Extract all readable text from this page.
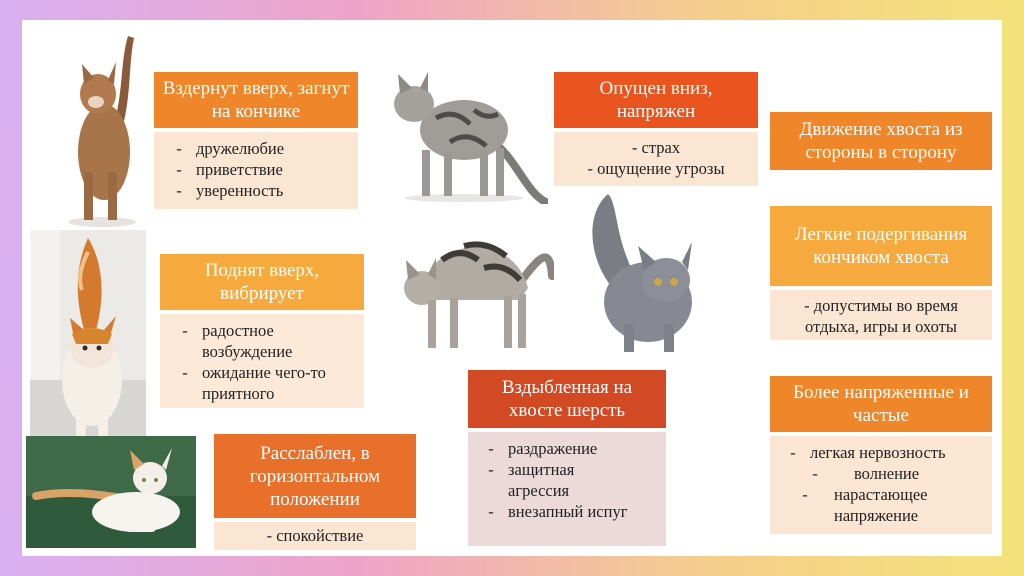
Вздернут вверх, загнут на кончике
- дружелюбие
- приветствие
- уверенность
Поднят вверх, вибрирует
- радостное возбуждение
- ожидание чего-то приятного
Расслаблен, в горизонтальном положении
- спокойствие
Опущен вниз, напряжен
- страх
- ощущение угрозы
Вздыбленная на хвосте шерсть
- раздражение
- защитная агрессия
- внезапный испуг
Движение хвоста из стороны в сторону
Легкие подергивания кончиком хвоста
- допустимы во время отдыха, игры и охоты
Более напряженные и частые
- легкая нервозность
-	волнение
-	нарастающее напряжение
